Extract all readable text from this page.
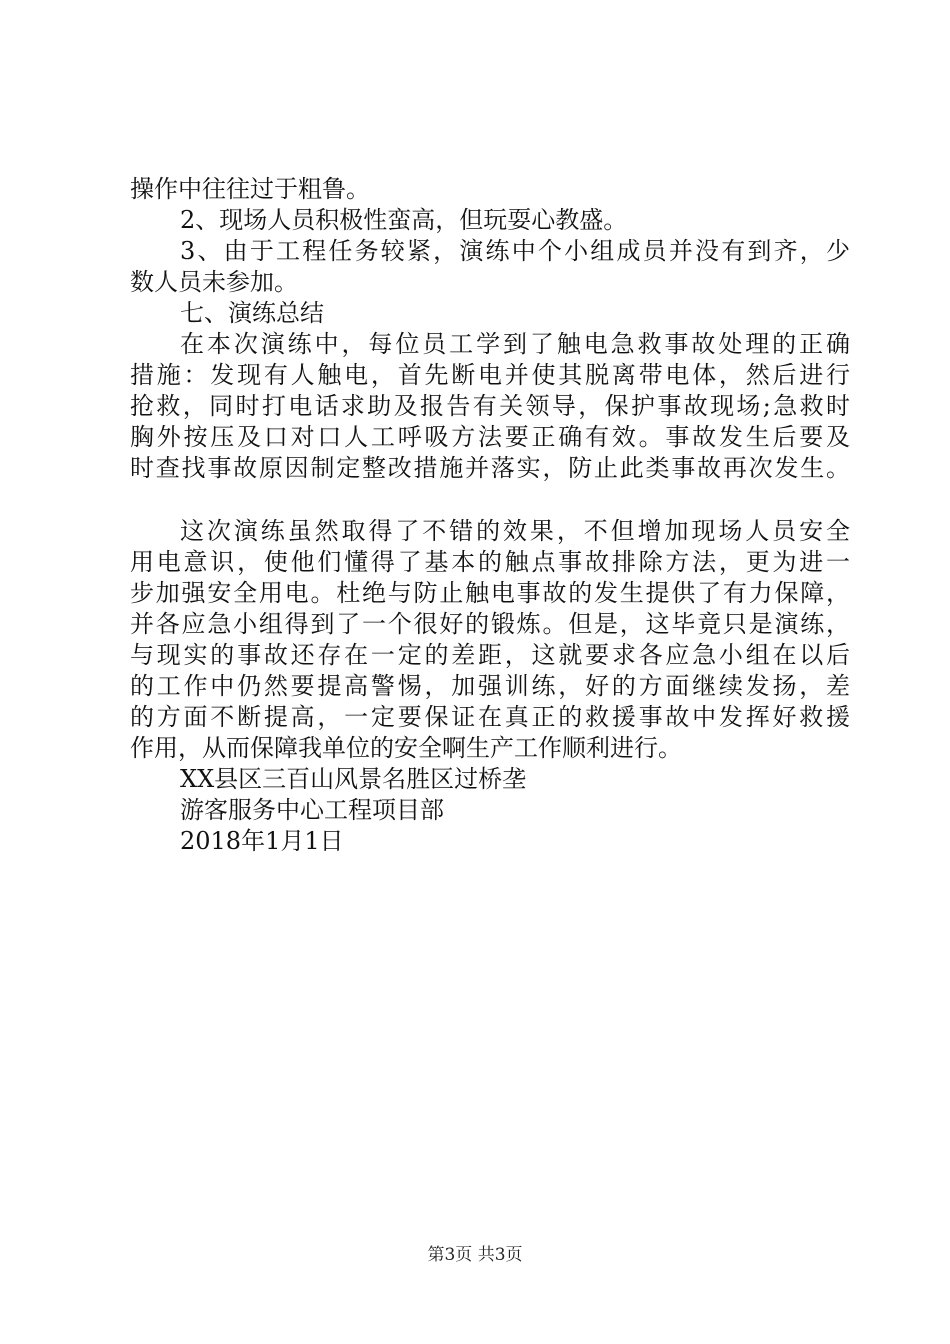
操作中往往过于粗鲁。
2、现场人员积极性蛮高，但玩耍心教盛。
3、由于工程任务较紧，演练中个小组成员并没有到齐，少
数人员未参加。
七、演练总结
在本次演练中，每位员工学到了触电急救事故处理的正确
措施：发现有人触电，首先断电并使其脱离带电体，然后进行
抢救，同时打电话求助及报告有关领导，保护事故现场;急救时
胸外按压及口对口人工呼吸方法要正确有效。事故发生后要及
时查找事故原因制定整改措施并落实，防止此类事故再次发生。
这次演练虽然取得了不错的效果，不但增加现场人员安全
用电意识，使他们懂得了基本的触点事故排除方法，更为进一
步加强安全用电。杜绝与防止触电事故的发生提供了有力保障，
并各应急小组得到了一个很好的锻炼。但是，这毕竟只是演练，
与现实的事故还存在一定的差距，这就要求各应急小组在以后
的工作中仍然要提高警惕，加强训练，好的方面继续发扬，差
的方面不断提高，一定要保证在真正的救援事故中发挥好救援
作用，从而保障我单位的安全啊生产工作顺利进行。
XX县区三百山风景名胜区过桥垄
游客服务中心工程项目部
2018年1月1日
第3页 共3页
